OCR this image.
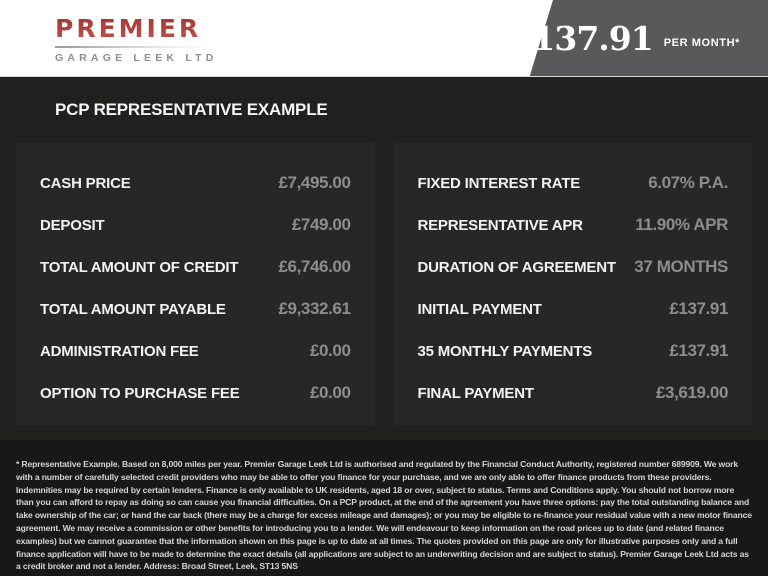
PREMIER
GARAGE LEEK LTD	£137.91 PER MONTH*
PCP REPRESENTATIVE EXAMPLE
CASH PRICE	£7,495.00
DEPOSIT	£749.00
TOTAL AMOUNT OF CREDIT £6,746.00
TOTAL AMOUNT PAYABLE	£9,332.61
ADMINISTRATION FEE	£0.00
OPTION TO PURCHASE FEE	£0.00
FIXED INTEREST RATE	6.07% P.A.
REPRESENTATIVE APR	11.90% APR
DURATION OF AGREEMENT 37 MONTHS
INITIAL PAYMENT	£137.91
35 MONTHLY PAYMENTS	£137.91
FINAL PAYMENT	£3,619.00
* Representative Example. Based on 8,000 miles per year. Premier Garage Leek Ltd is authorised and regulated by the Financial Conduct Authority, registered number 689909. We work with a number of carefully selected credit providers who may be able to offer you finance for your purchase, and we are only able to offer finance products from these providers. Indemnities may be required by certain lenders. Finance is only available to UK residents, aged 18 or over, subject to status. Terms and Conditions apply. You should not borrow more than you can afford to repay as doing so can cause you financial difficulties. On a PCP product, at the end of the agreement you have three options: pay the total outstanding balance and take ownership of the car; or hand the car back (there may be a charge for excess mileage and damages); or you may be eligible to re-finance your residual value with a new motor finance agreement. We may receive a commission or other benefits for introducing you to a lender. We will endeavour to keep information on the road prices up to date (and related finance examples) but we cannot guarantee that the information shown on this page is up to date at all times. The quotes provided on this page are only for illustrative purposes only and a full finance application will have to be made to determine the exact details (all applications are subject to an underwriting decision and are subject to status). Premier Garage Leek Ltd acts as a credit broker and not a lender. Address: Broad Street, Leek, ST13 5NS
